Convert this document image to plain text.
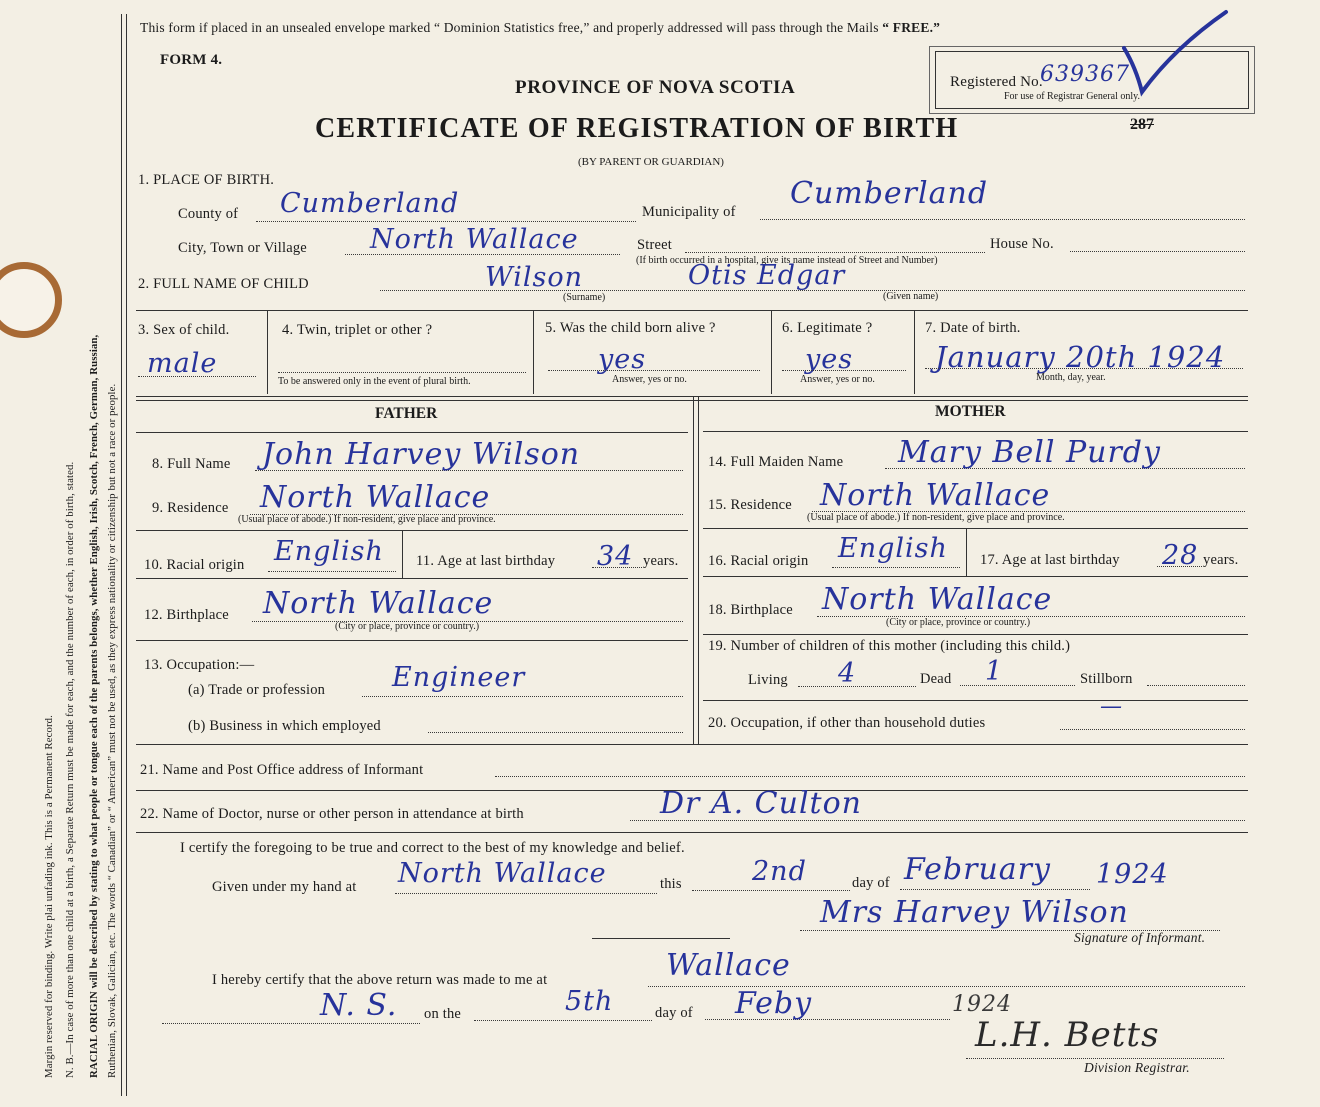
Margin reserved for binding. Write plai unfading ink. This is a Permanent Record. N. B.—In case of more than one child at a birth, a Separate Return must be made for each, and the number of each, in order of birth, stated. RACIAL ORIGIN will be described by stating to what people or tongue each of the parents belongs, whether English, Irish, Scotch, French, German, Russian, Ruthenian, Slovak, Galician, etc. The words “ Canadian” or “ American” must not be used, as they express nationality or citizenship but not a race or people.
This form if placed in an unsealed envelope marked “ Dominion Statistics free,” and properly addressed will pass through the Mails “ FREE.”
FORM 4.
Registered No.
639367
For use of Registrar General only.
287
PROVINCE OF NOVA SCOTIA
CERTIFICATE OF REGISTRATION OF BIRTH
(BY PARENT OR GUARDIAN)
1. PLACE OF BIRTH.
County of Cumberland	Municipality of
Cumberland
City, Town or Village North Wallace	Street	House No.
(If birth occurred in a hospital, give its name instead of Street and Number)
2. FULL NAME OF CHILD	Wilson	Otis Edgar
(Surname)	(Given name)
3. Sex of child.
male
4. Twin, triplet or other ?
To be answered only in the event of plural birth.
5. Was the child born alive ?
yes
Answer, yes or no.
6. Legitimate ?
yes
Answer, yes or no.
7. Date of birth.
January 20th 1924
Month, day, year.
FATHER	MOTHER
8. Full Name John Harvey Wilson
9. Residence North Wallace
(Usual place of abode.) If non-resident, give place and province.
10. Racial origin English 11. Age at last birthday 34 years.
12. Birthplace North Wallace
(City or place, province or country.)
13. Occupation:—
(a) Trade or profession Engineer
(b) Business in which employed
14. Full Maiden Name Mary Bell Purdy
15. Residence North Wallace
(Usual place of abode.) If non-resident, give place and province.
16. Racial origin English 17. Age at last birthday 28 years.
18. Birthplace North Wallace
(City or place, province or country.)
19. Number of children of this mother (including this child.)
Living 4	Dead 1	Stillborn
20. Occupation, if other than household duties
—
21. Name and Post Office address of Informant
22. Name of Doctor, nurse or other person in attendance at birth	Dr A. Culton
I certify the foregoing to be true and correct to the best of my knowledge and belief.
Given under my hand at North Wallace	this	2nd	day of February 1924
Mrs Harvey Wilson
Signature of Informant.
I hereby certify that the above return was made to me at	Wallace
N. S. on the	5th	day of Feby	1924
L.H. Betts
Division Registrar.
